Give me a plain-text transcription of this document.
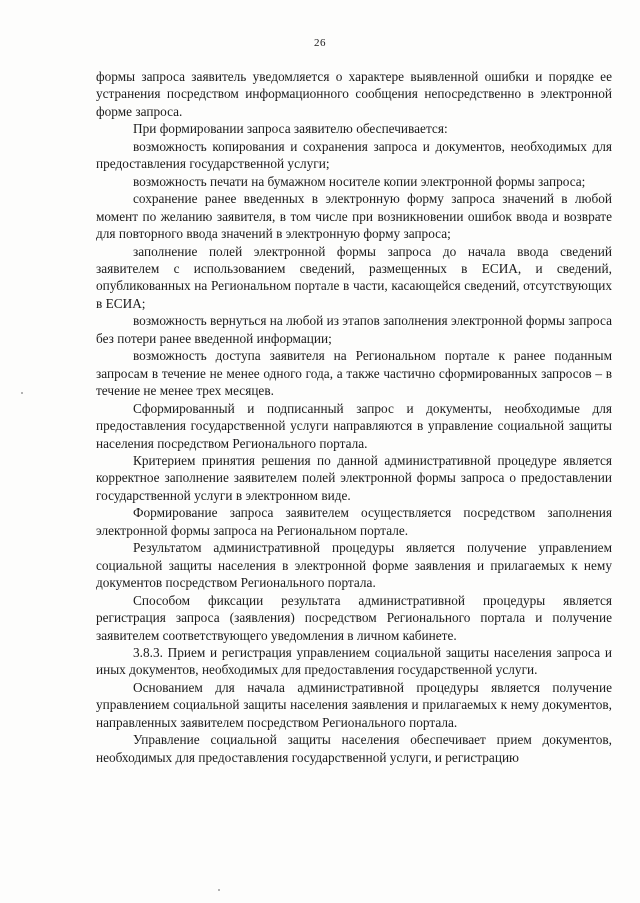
26

формы запроса заявитель уведомляется о характере выявленной ошибки и порядке ее устранения посредством информационного сообщения непосредственно в электронной форме запроса.

При формировании запроса заявителю обеспечивается:

возможность копирования и сохранения запроса и документов, необходимых для предоставления государственной услуги;

возможность печати на бумажном носителе копии электронной формы запроса;

сохранение ранее введенных в электронную форму запроса значений в любой момент по желанию заявителя, в том числе при возникновении ошибок ввода и возврате для повторного ввода значений в электронную форму запроса;

заполнение полей электронной формы запроса до начала ввода сведений заявителем с использованием сведений, размещенных в ЕСИА, и сведений, опубликованных на Региональном портале в части, касающейся сведений, отсутствующих в ЕСИА;

возможность вернуться на любой из этапов заполнения электронной формы запроса без потери ранее введенной информации;

возможность доступа заявителя на Региональном портале к ранее поданным запросам в течение не менее одного года, а также частично сформированных запросов – в течение не менее трех месяцев.

Сформированный и подписанный запрос и документы, необходимые для предоставления государственной услуги направляются в управление социальной защиты населения посредством Регионального портала.

Критерием принятия решения по данной административной процедуре является корректное заполнение заявителем полей электронной формы запроса о предоставлении государственной услуги в электронном виде.

Формирование запроса заявителем осуществляется посредством заполнения электронной формы запроса на Региональном портале.

Результатом административной процедуры является получение управлением социальной защиты населения в электронной форме заявления и прилагаемых к нему документов посредством Регионального портала.

Способом фиксации результата административной процедуры является регистрация запроса (заявления) посредством Регионального портала и получение заявителем соответствующего уведомления в личном кабинете.

3.8.3. Прием и регистрация управлением социальной защиты населения запроса и иных документов, необходимых для предоставления государственной услуги.

Основанием для начала административной процедуры является получение управлением социальной защиты населения заявления и прилагаемых к нему документов, направленных заявителем посредством Регионального портала.

Управление социальной защиты населения обеспечивает прием документов, необходимых для предоставления государственной услуги, и регистрацию
